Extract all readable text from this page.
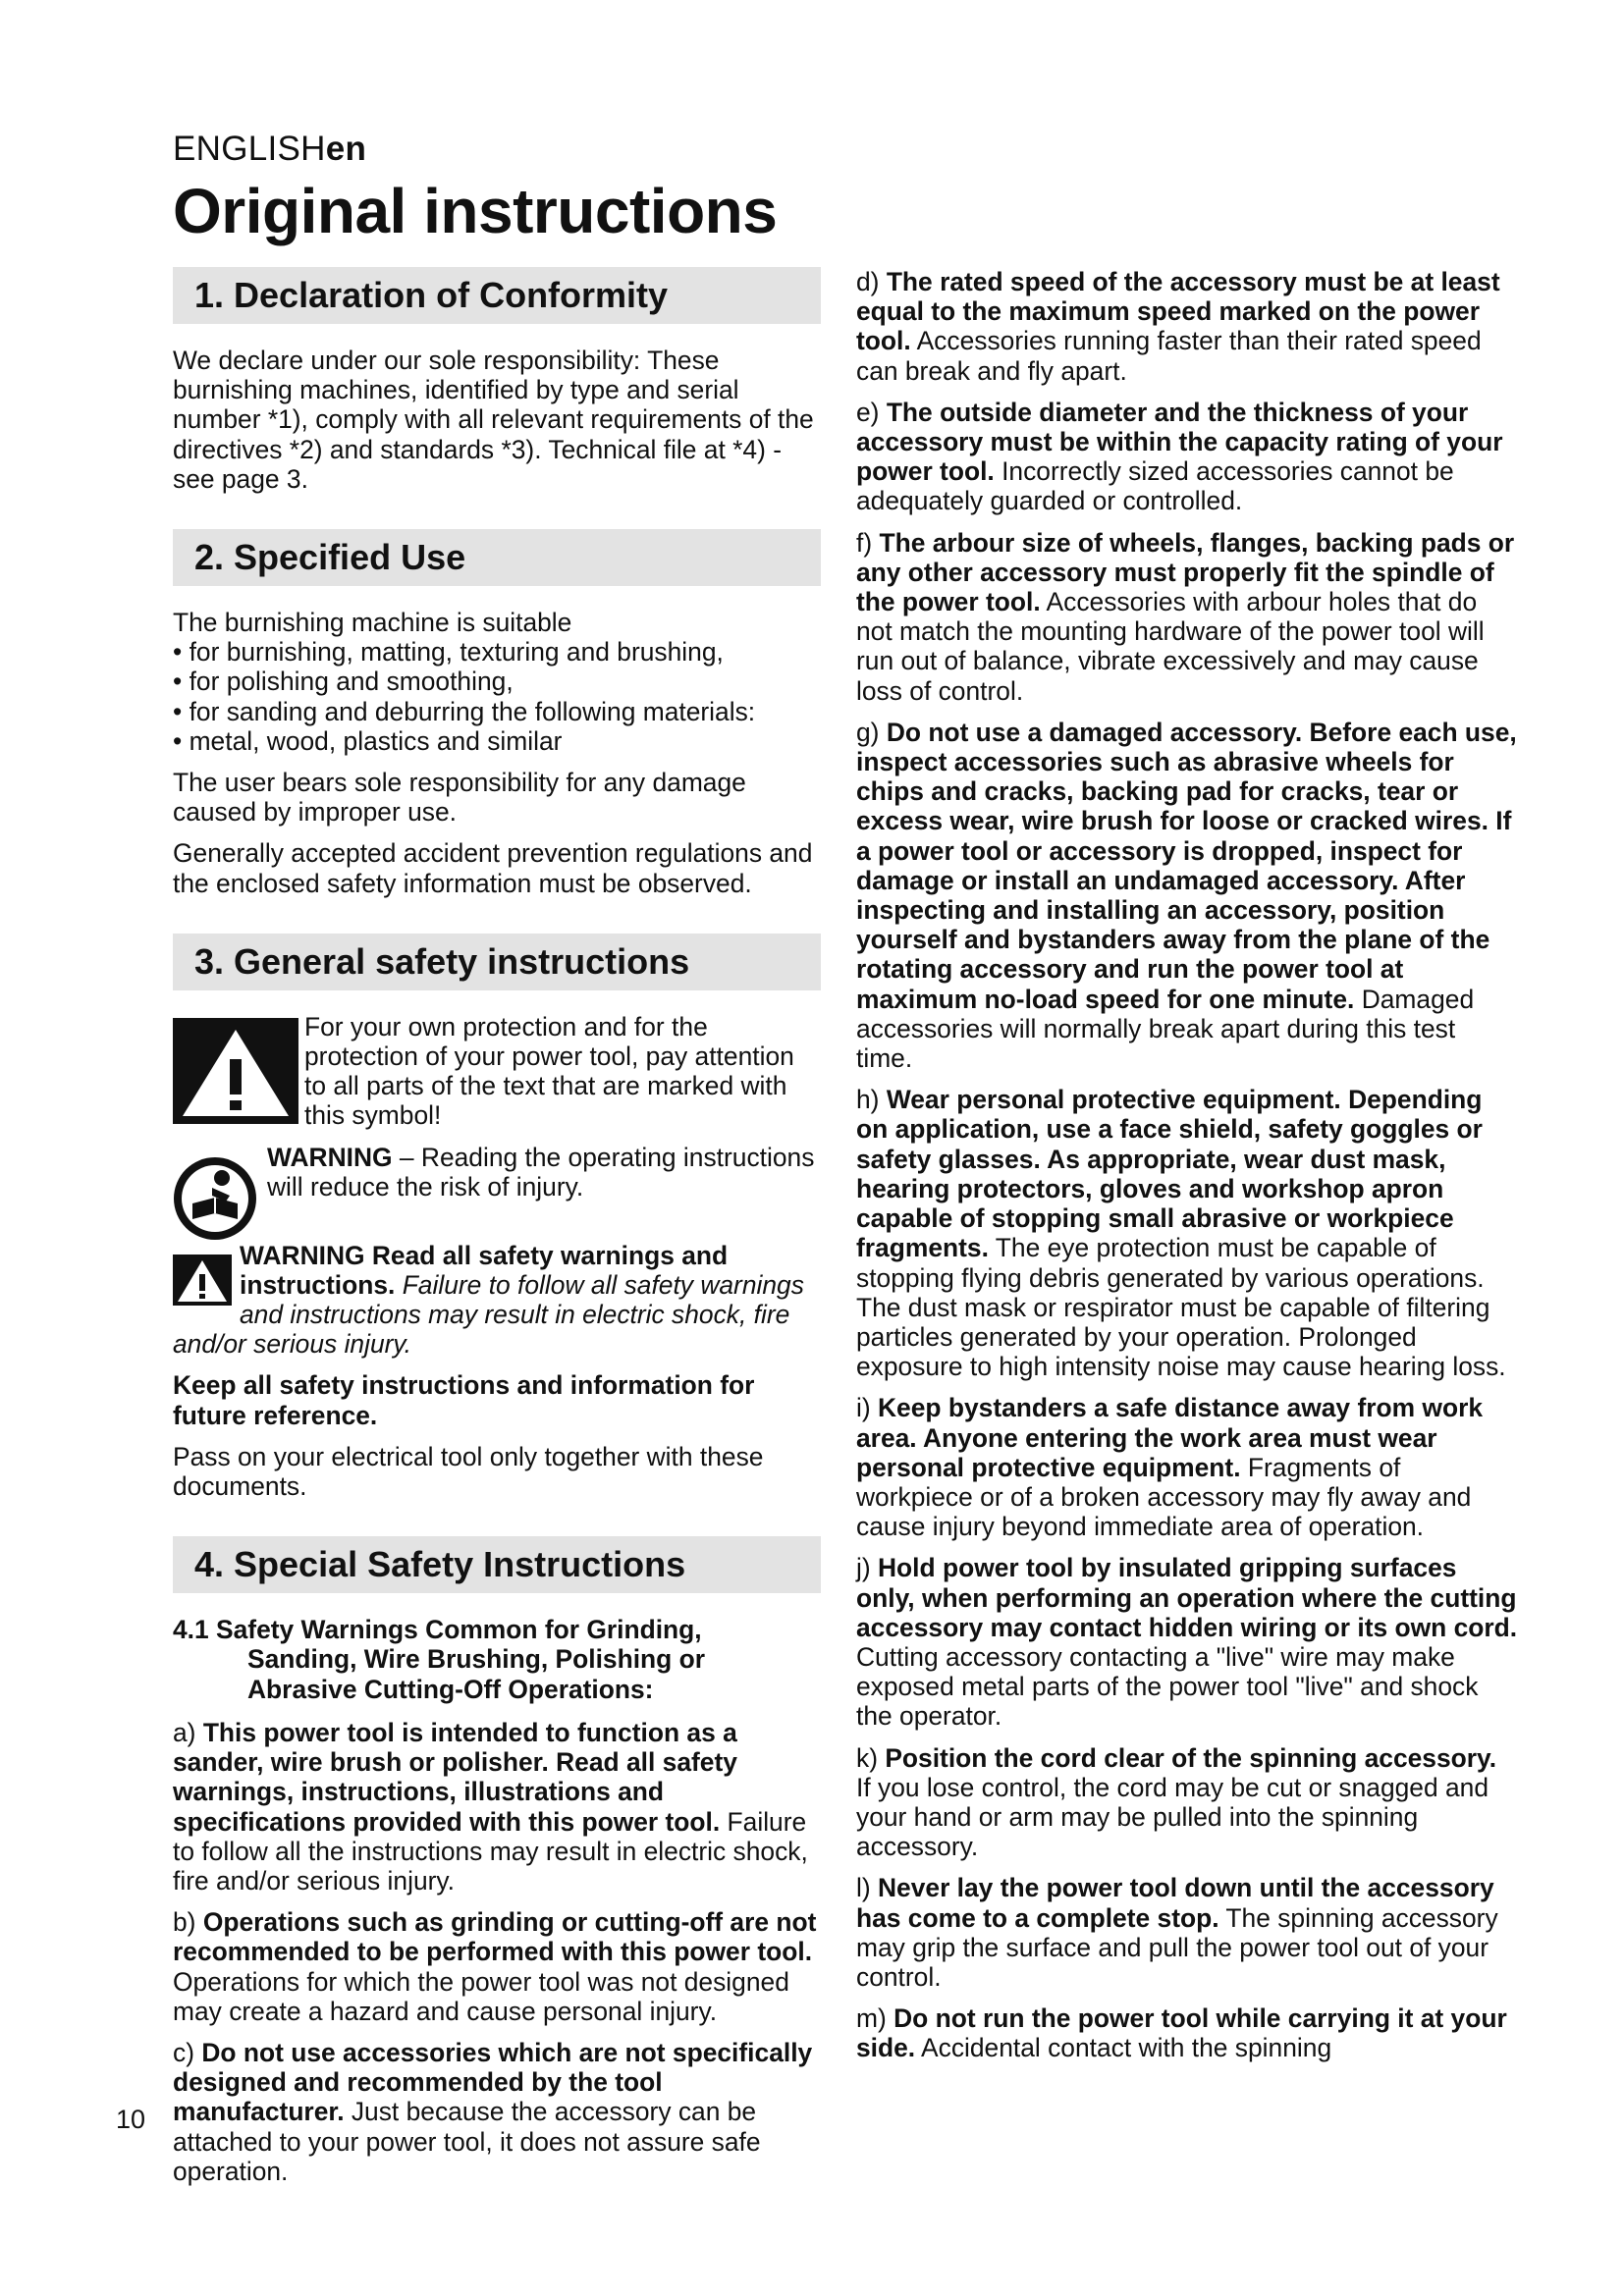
ENGLISHen
Original instructions
1. Declaration of Conformity

We declare under our sole responsibility: These burnishing machines, identified by type and serial number *1), comply with all relevant requirements of the directives *2) and standards *3). Technical file at *4) - see page 3.

2. Specified Use

The burnishing machine is suitable

• for burnishing, matting, texturing and brushing,

• for polishing and smoothing,

• for sanding and deburring the following materials:

• metal, wood, plastics and similar

The user bears sole responsibility for any damage caused by improper use.

Generally accepted accident prevention regulations and the enclosed safety information must be observed.

3. General safety instructions

For your own protection and for the protection of your power tool, pay attention to all parts of the text that are marked with this symbol!

WARNING – Reading the operating instructions will reduce the risk of injury.

WARNING Read all safety warnings and instructions. Failure to follow all safety warnings and instructions may result in electric shock, fire and/or serious injury.

Keep all safety instructions and information for future reference.

Pass on your electrical tool only together with these documents.

4. Special Safety Instructions
4.1 Safety Warnings Common for Grinding,
Sanding, Wire Brushing, Polishing or
Abrasive Cutting-Off Operations:

a) This power tool is intended to function as a sander, wire brush or polisher. Read all safety warnings, instructions, illustrations and specifications provided with this power tool. Failure to follow all the instructions may result in electric shock, fire and/or serious injury.

b) Operations such as grinding or cutting-off are not recommended to be performed with this power tool. Operations for which the power tool was not designed may create a hazard and cause personal injury.

c) Do not use accessories which are not specifically designed and recommended by the tool manufacturer. Just because the accessory can be attached to your power tool, it does not assure safe operation.

d) The rated speed of the accessory must be at least equal to the maximum speed marked on the power tool. Accessories running faster than their rated speed can break and fly apart.

e) The outside diameter and the thickness of your accessory must be within the capacity rating of your power tool. Incorrectly sized accessories cannot be adequately guarded or controlled.

f) The arbour size of wheels, flanges, backing pads or any other accessory must properly fit the spindle of the power tool. Accessories with arbour holes that do not match the mounting hardware of the power tool will run out of balance, vibrate excessively and may cause loss of control.

g) Do not use a damaged accessory. Before each use, inspect accessories such as abrasive wheels for chips and cracks, backing pad for cracks, tear or excess wear, wire brush for loose or cracked wires. If a power tool or accessory is dropped, inspect for damage or install an undamaged accessory. After inspecting and installing an accessory, position yourself and bystanders away from the plane of the rotating accessory and run the power tool at maximum no-load speed for one minute. Damaged accessories will normally break apart during this test time.

h) Wear personal protective equipment. Depending on application, use a face shield, safety goggles or safety glasses. As appropriate, wear dust mask, hearing protectors, gloves and workshop apron capable of stopping small abrasive or workpiece fragments. The eye protection must be capable of stopping flying debris generated by various operations. The dust mask or respirator must be capable of filtering particles generated by your operation. Prolonged exposure to high intensity noise may cause hearing loss.

i) Keep bystanders a safe distance away from work area. Anyone entering the work area must wear personal protective equipment. Fragments of workpiece or of a broken accessory may fly away and cause injury beyond immediate area of operation.

j) Hold power tool by insulated gripping surfaces only, when performing an operation where the cutting accessory may contact hidden wiring or its own cord. Cutting accessory contacting a "live" wire may make exposed metal parts of the power tool "live" and shock the operator.

k) Position the cord clear of the spinning accessory. If you lose control, the cord may be cut or snagged and your hand or arm may be pulled into the spinning accessory.

l) Never lay the power tool down until the accessory has come to a complete stop. The spinning accessory may grip the surface and pull the power tool out of your control.

m) Do not run the power tool while carrying it at your side. Accidental contact with the spinning

10
